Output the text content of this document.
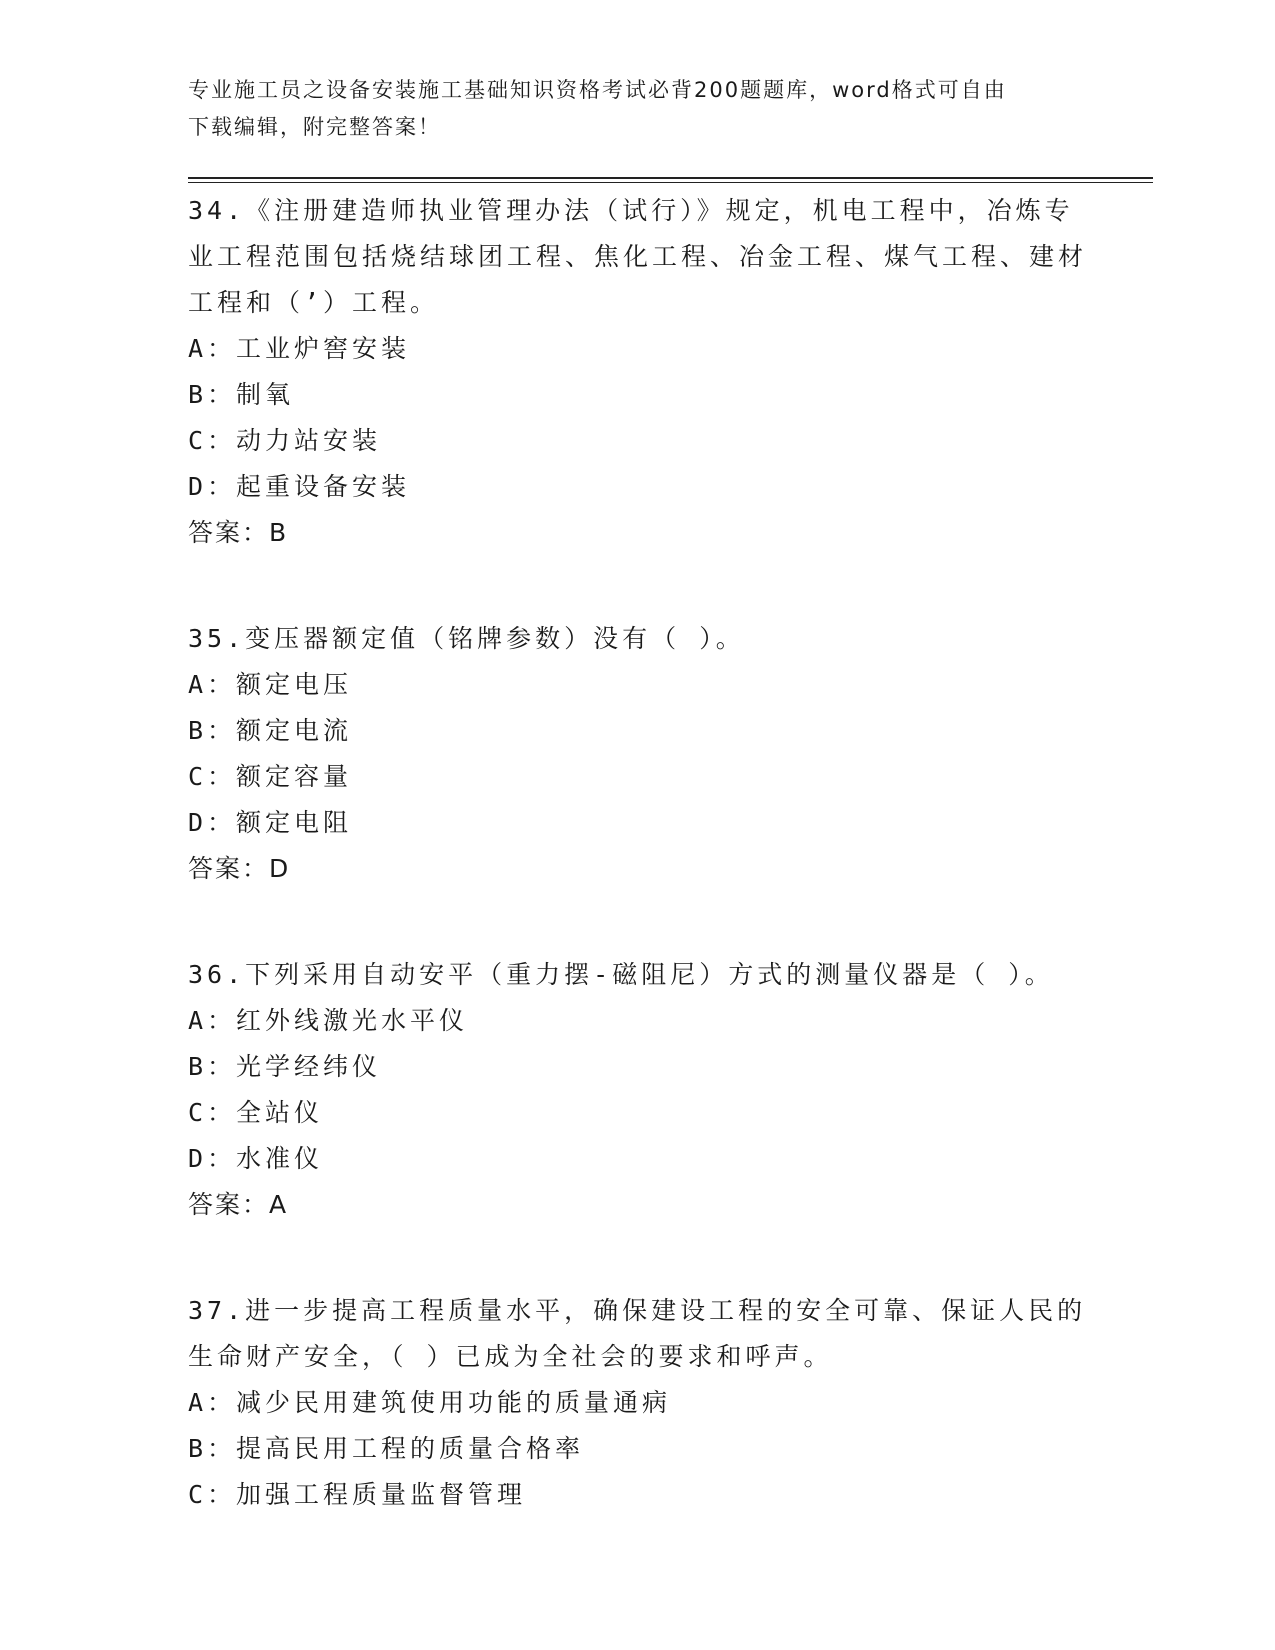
专业施工员之设备安装施工基础知识资格考试必背200题题库，word格式可自由
下载编辑，附完整答案！
34.《注册建造师执业管理办法（试行）》规定，机电工程中，冶炼专业工程范围包括烧结球团工程、焦化工程、冶金工程、煤气工程、建材工程和（’）工程。
A：工业炉窖安装
B：制氧
C：动力站安装
D：起重设备安装
答案：B
35.变压器额定值（铭牌参数）没有（ ）。
A：额定电压
B：额定电流
C：额定容量
D：额定电阻
答案：D
36.下列采用自动安平（重力摆-磁阻尼）方式的测量仪器是（ ）。
A：红外线激光水平仪
B：光学经纬仪
C：全站仪
D：水准仪
答案：A
37.进一步提高工程质量水平，确保建设工程的安全可靠、保证人民的生命财产安全，（ ）已成为全社会的要求和呼声。
A：减少民用建筑使用功能的质量通病
B：提高民用工程的质量合格率
C：加强工程质量监督管理
